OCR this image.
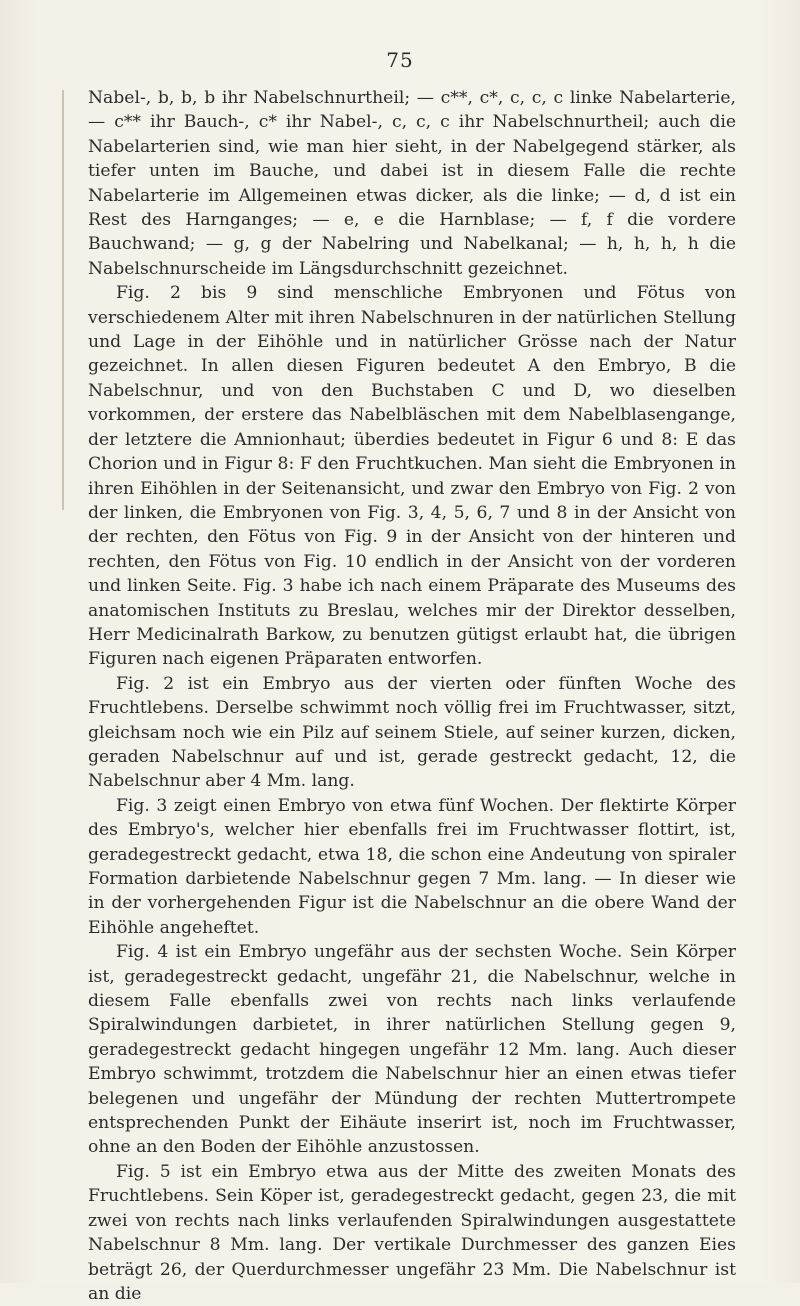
75

Nabel-, b, b, b ihr Nabelschnurtheil; — c**, c*, c, c, c linke Nabelarterie, — c** ihr Bauch-, c* ihr Nabel-, c, c, c ihr Nabelschnurtheil; auch die Nabelarterien sind, wie man hier sieht, in der Nabelgegend stärker, als tiefer unten im Bauche, und dabei ist in diesem Falle die rechte Nabelarterie im Allgemeinen etwas dicker, als die linke; — d, d ist ein Rest des Harnganges; — e, e die Harnblase; — f, f die vordere Bauchwand; — g, g der Nabelring und Nabelkanal; — h, h, h, h die Nabelschnurscheide im Längsdurchschnitt gezeichnet.

Fig. 2 bis 9 sind menschliche Embryonen und Fötus von verschiedenem Alter mit ihren Nabelschnuren in der natürlichen Stellung und Lage in der Eihöhle und in natürlicher Grösse nach der Natur gezeichnet. In allen diesen Figuren bedeutet A den Embryo, B die Nabelschnur, und von den Buchstaben C und D, wo dieselben vorkommen, der erstere das Nabelbläschen mit dem Nabelblasengange, der letztere die Amnionhaut; überdies bedeutet in Figur 6 und 8: E das Chorion und in Figur 8: F den Fruchtkuchen. Man sieht die Embryonen in ihren Eihöhlen in der Seitenansicht, und zwar den Embryo von Fig. 2 von der linken, die Embryonen von Fig. 3, 4, 5, 6, 7 und 8 in der Ansicht von der rechten, den Fötus von Fig. 9 in der Ansicht von der hinteren und rechten, den Fötus von Fig. 10 endlich in der Ansicht von der vorderen und linken Seite. Fig. 3 habe ich nach einem Präparate des Museums des anatomischen Instituts zu Breslau, welches mir der Direktor desselben, Herr Medicinalrath Barkow, zu benutzen gütigst erlaubt hat, die übrigen Figuren nach eigenen Präparaten entworfen.

Fig. 2 ist ein Embryo aus der vierten oder fünften Woche des Fruchtlebens. Derselbe schwimmt noch völlig frei im Fruchtwasser, sitzt, gleichsam noch wie ein Pilz auf seinem Stiele, auf seiner kurzen, dicken, geraden Nabelschnur auf und ist, gerade gestreckt gedacht, 12, die Nabelschnur aber 4 Mm. lang.

Fig. 3 zeigt einen Embryo von etwa fünf Wochen. Der flektirte Körper des Embryo's, welcher hier ebenfalls frei im Fruchtwasser flottirt, ist, geradegestreckt gedacht, etwa 18, die schon eine Andeutung von spiraler Formation darbietende Nabelschnur gegen 7 Mm. lang. — In dieser wie in der vorhergehenden Figur ist die Nabelschnur an die obere Wand der Eihöhle angeheftet.

Fig. 4 ist ein Embryo ungefähr aus der sechsten Woche. Sein Körper ist, geradegestreckt gedacht, ungefähr 21, die Nabelschnur, welche in diesem Falle ebenfalls zwei von rechts nach links verlaufende Spiralwindungen darbietet, in ihrer natürlichen Stellung gegen 9, geradegestreckt gedacht hingegen ungefähr 12 Mm. lang. Auch dieser Embryo schwimmt, trotzdem die Nabelschnur hier an einen etwas tiefer belegenen und ungefähr der Mündung der rechten Muttertrompete entsprechenden Punkt der Eihäute inserirt ist, noch im Fruchtwasser, ohne an den Boden der Eihöhle anzustossen.

Fig. 5 ist ein Embryo etwa aus der Mitte des zweiten Monats des Fruchtlebens. Sein Köper ist, geradegestreckt gedacht, gegen 23, die mit zwei von rechts nach links verlaufenden Spiralwindungen ausgestattete Nabelschnur 8 Mm. lang. Der vertikale Durchmesser des ganzen Eies beträgt 26, der Querdurchmesser ungefähr 23 Mm. Die Nabelschnur ist an die
